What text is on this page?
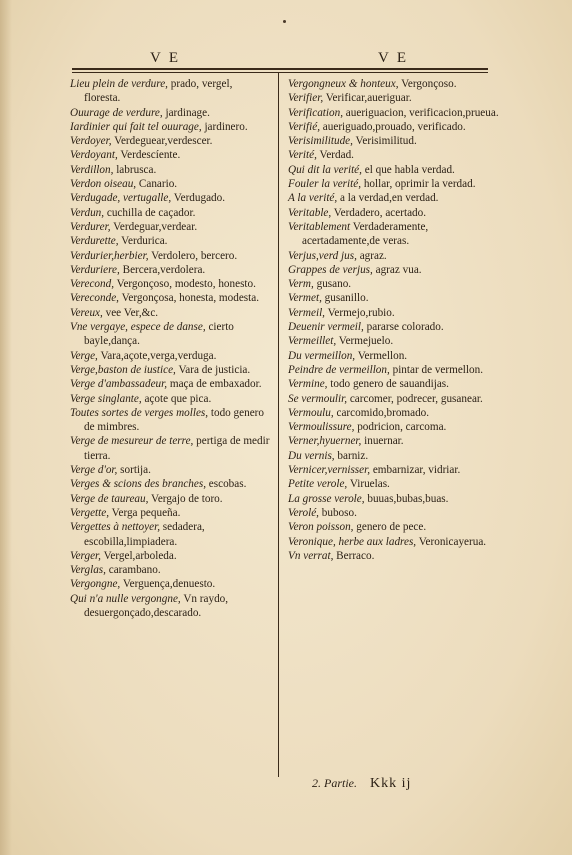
VE	VE

Lieu plein de verdure, prado, vergel, floresta.

Ouurage de verdure, jardinage.

Iardinier qui fait tel ouurage, jardinero.

Verdoyer, Verdeguear,verdescer.

Verdoyant, Verdescíente.

Verdillon, labrusca.

Verdon oiseau, Canario.

Verdugade, vertugalle, Verdugado.

Verdun, cuchilla de caçador.

Verdurer, Verdeguar,verdear.

Verdurette, Verdurica.

Verdurier,herbier, Verdolero, bercero.

Verduriere, Bercera,verdolera.

Verecond, Vergonçoso, modesto, honesto.

Vereconde, Vergonçosa, honesta, modesta.

Vereux, vee Ver,&c.

Vne vergaye, espece de danse, cierto bayle,dança.

Verge, Vara,açote,verga,verduga.

Verge,baston de iustice, Vara de justicia.

Verge d'ambassadeur, maça de embaxador.

Verge singlante, açote que pica.

Toutes sortes de verges molles, todo genero de mimbres.

Verge de mesureur de terre, pertiga de medir tierra.

Verge d'or, sortija.

Verges & scions des branches, escobas.

Verge de taureau, Vergajo de toro.

Vergette, Verga pequeña.

Vergettes à nettoyer, sedadera, escobilla,limpiadera.

Verger, Vergel,arboleda.

Verglas, carambano.

Vergongne, Verguença,denuesto.

Qui n'a nulle vergongne, Vn raydo, desuergonçado,descarado.

Vergongneux & honteux, Vergonçoso.

Verifier, Verificar,aueriguar.

Verification, aueriguacion, verificacion,prueua.

Verifié, aueriguado,prouado, verificado.

Verisimilitude, Verisimilitud.

Verité, Verdad.

Qui dit la verité, el que habla verdad.

Fouler la verité, hollar, oprimir la verdad.

A la verité, a la verdad,en verdad.

Veritable, Verdadero, acertado.

Veritablement Verdaderamente, acertadamente,de veras.

Verjus,verd jus, agraz.

Grappes de verjus, agraz vua.

Verm, gusano.

Vermet, gusanillo.

Vermeil, Vermejo,rubio.

Deuenir vermeil, pararse colorado.

Vermeillet, Vermejuelo.

Du vermeillon, Vermellon.

Peindre de vermeillon, pintar de vermellon.

Vermine, todo genero de sauandijas.

Se vermoulir, carcomer, podrecer, gusanear.

Vermoulu, carcomido,bromado.

Vermoulissure, podricion, carcoma.

Verner,hyuerner, inuernar.

Du vernis, barniz.

Vernicer,vernisser, embarnizar, vidriar.

Petite verole, Viruelas.

La grosse verole, buuas,bubas,buas.

Verolé, buboso.

Veron poisson, genero de pece.

Veronique, herbe aux ladres, Veronicayerua.

Vn verrat, Berraco.

2. Partie. Kkk ij
